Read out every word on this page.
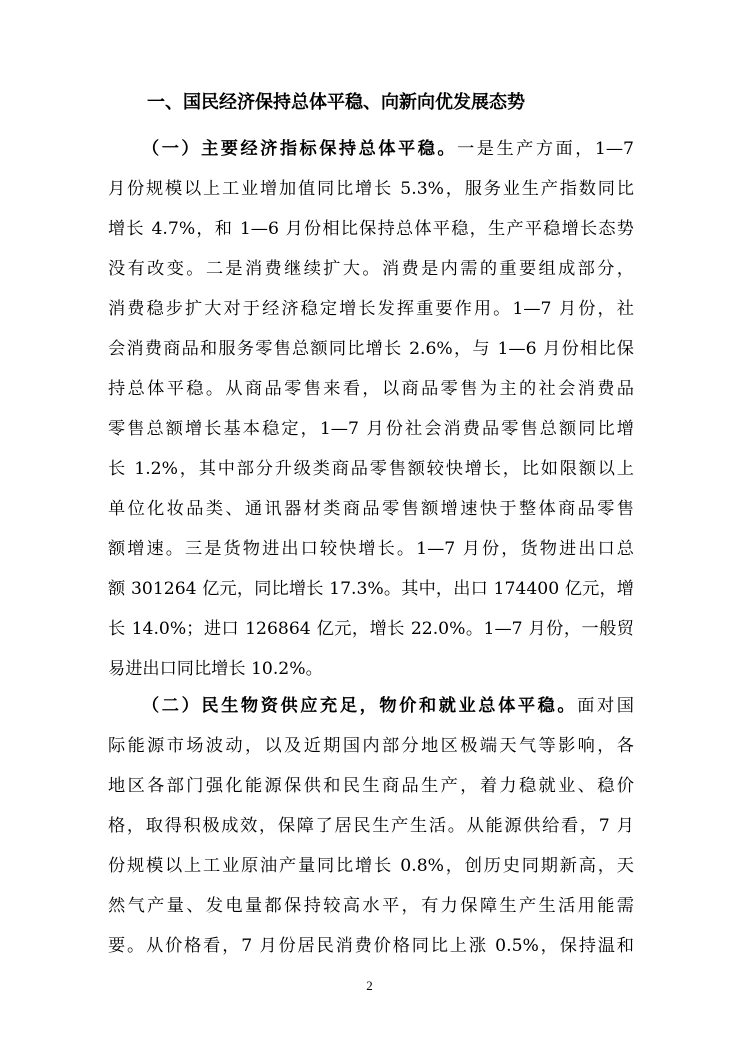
一、国民经济保持总体平稳、向新向优发展态势
（一）主要经济指标保持总体平稳。一是生产方面，1—7
月份规模以上工业增加值同比增长 5.3%，服务业生产指数同比
增长 4.7%，和 1—6 月份相比保持总体平稳，生产平稳增长态势
没有改变。二是消费继续扩大。消费是内需的重要组成部分，
消费稳步扩大对于经济稳定增长发挥重要作用。1—7 月份，社
会消费商品和服务零售总额同比增长 2.6%，与 1—6 月份相比保
持总体平稳。从商品零售来看，以商品零售为主的社会消费品
零售总额增长基本稳定，1—7 月份社会消费品零售总额同比增
长 1.2%，其中部分升级类商品零售额较快增长，比如限额以上
单位化妆品类、通讯器材类商品零售额增速快于整体商品零售
额增速。三是货物进出口较快增长。1—7 月份，货物进出口总
额 301264 亿元，同比增长 17.3%。其中，出口 174400 亿元，增
长 14.0%；进口 126864 亿元，增长 22.0%。1—7 月份，一般贸
易进出口同比增长 10.2%。
（二）民生物资供应充足，物价和就业总体平稳。面对国
际能源市场波动，以及近期国内部分地区极端天气等影响，各
地区各部门强化能源保供和民生商品生产，着力稳就业、稳价
格，取得积极成效，保障了居民生产生活。从能源供给看，7 月
份规模以上工业原油产量同比增长 0.8%，创历史同期新高，天
然气产量、发电量都保持较高水平，有力保障生产生活用能需
要。从价格看，7 月份居民消费价格同比上涨 0.5%，保持温和
2
